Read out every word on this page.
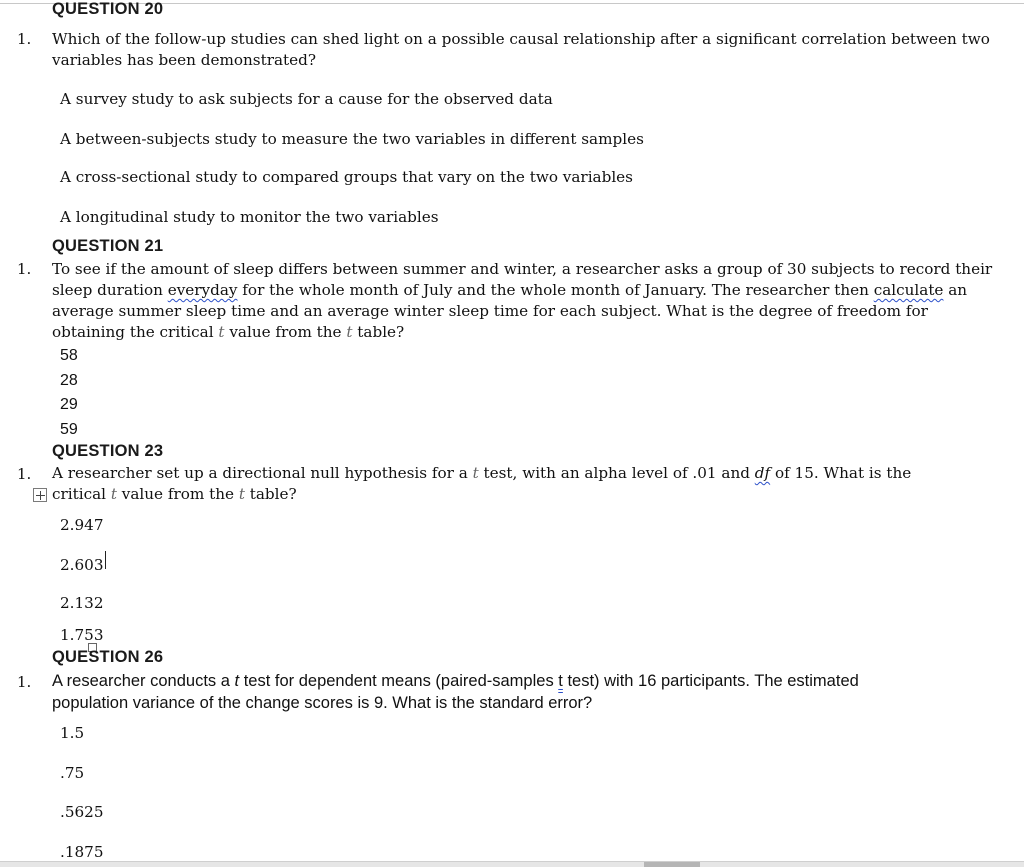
QUESTION 20
1. Which of the follow-up studies can shed light on a possible causal relationship after a significant correlation between two
variables has been demonstrated?
A survey study to ask subjects for a cause for the observed data
A between-subjects study to measure the two variables in different samples
A cross-sectional study to compared groups that vary on the two variables
A longitudinal study to monitor the two variables
QUESTION 21
1. To see if the amount of sleep differs between summer and winter, a researcher asks a group of 30 subjects to record their
sleep duration everyday for the whole month of July and the whole month of January. The researcher then calculate an
average summer sleep time and an average winter sleep time for each subject. What is the degree of freedom for
obtaining the critical t value from the t table?
58
28
29
59
QUESTION 23
1. A researcher set up a directional null hypothesis for a t test, with an alpha level of .01 and df of 15. What is the
critical t value from the t table?
2.947
2.603
2.132
1.753
QUESTION 26
1. A researcher conducts a t test for dependent means (paired-samples t test) with 16 participants. The estimated
population variance of the change scores is 9. What is the standard error?
1.5
.75
.5625
.1875
